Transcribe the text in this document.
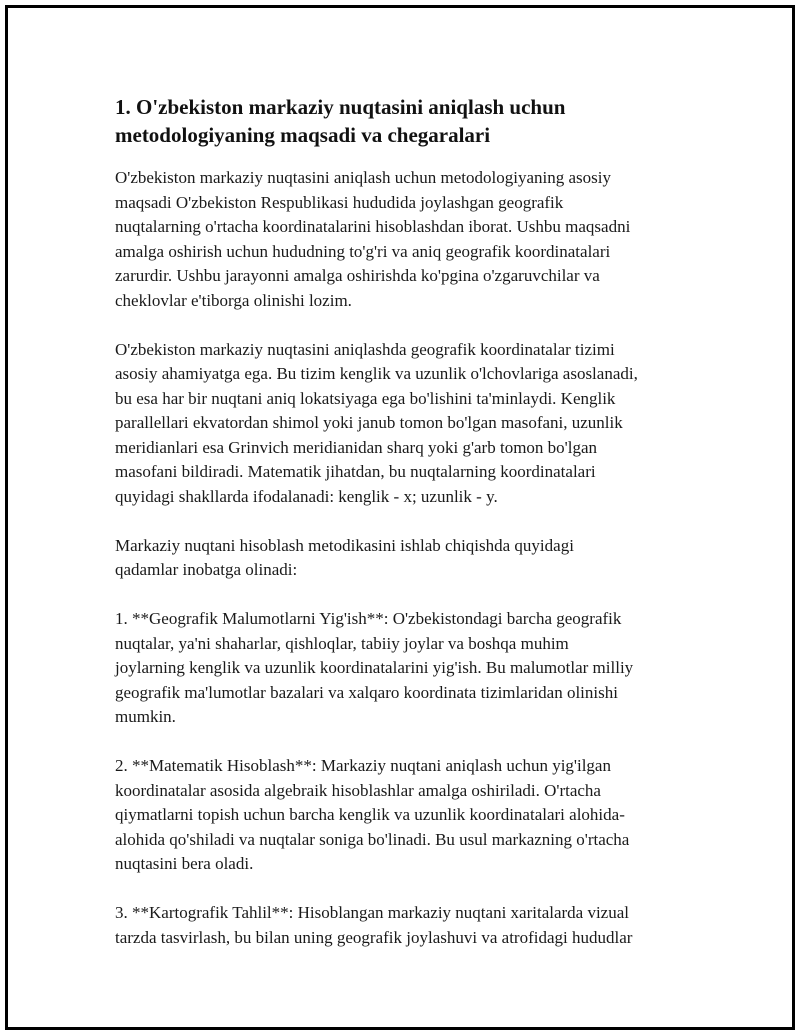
1. O'zbekiston markaziy nuqtasini aniqlash uchun
metodologiyaning maqsadi va chegaralari

O'zbekiston markaziy nuqtasini aniqlash uchun metodologiyaning asosiy
maqsadi O'zbekiston Respublikasi hududida joylashgan geografik
nuqtalarning o'rtacha koordinatalarini hisoblashdan iborat. Ushbu maqsadni
amalga oshirish uchun hududning to'g'ri va aniq geografik koordinatalari
zarurdir. Ushbu jarayonni amalga oshirishda ko'pgina o'zgaruvchilar va
cheklovlar e'tiborga olinishi lozim.

O'zbekiston markaziy nuqtasini aniqlashda geografik koordinatalar tizimi
asosiy ahamiyatga ega. Bu tizim kenglik va uzunlik o'lchovlariga asoslanadi,
bu esa har bir nuqtani aniq lokatsiyaga ega bo'lishini ta'minlaydi. Kenglik
parallellari ekvatordan shimol yoki janub tomon bo'lgan masofani, uzunlik
meridianlari esa Grinvich meridianidan sharq yoki g'arb tomon bo'lgan
masofani bildiradi. Matematik jihatdan, bu nuqtalarning koordinatalari
quyidagi shakllarda ifodalanadi: kenglik - x; uzunlik - y.

Markaziy nuqtani hisoblash metodikasini ishlab chiqishda quyidagi
qadamlar inobatga olinadi:

1. **Geografik Malumotlarni Yig'ish**: O'zbekistondagi barcha geografik
nuqtalar, ya'ni shaharlar, qishloqlar, tabiiy joylar va boshqa muhim
joylarning kenglik va uzunlik koordinatalarini yig'ish. Bu malumotlar milliy
geografik ma'lumotlar bazalari va xalqaro koordinata tizimlaridan olinishi
mumkin.

2. **Matematik Hisoblash**: Markaziy nuqtani aniqlash uchun yig'ilgan
koordinatalar asosida algebraik hisoblashlar amalga oshiriladi. O'rtacha
qiymatlarni topish uchun barcha kenglik va uzunlik koordinatalari alohida-
alohida qo'shiladi va nuqtalar soniga bo'linadi. Bu usul markazning o'rtacha
nuqtasini bera oladi.

3. **Kartografik Tahlil**: Hisoblangan markaziy nuqtani xaritalarda vizual
tarzda tasvirlash, bu bilan uning geografik joylashuvi va atrofidagi hududlar
